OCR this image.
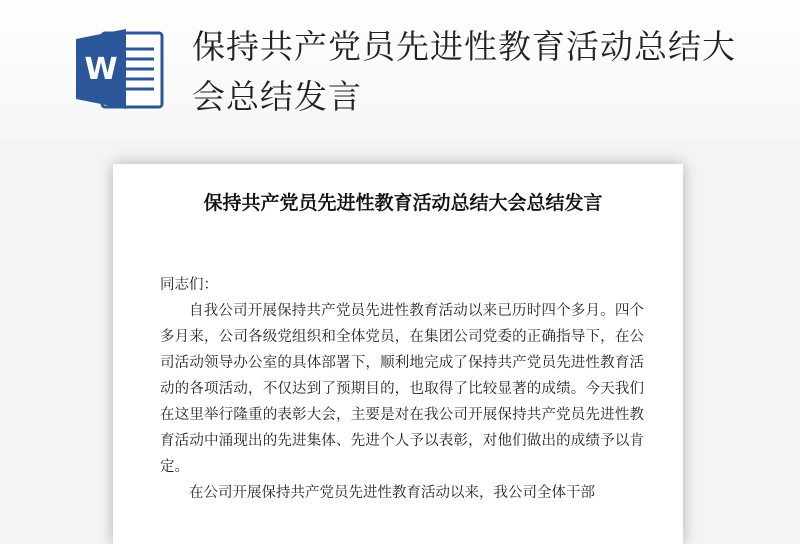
W
保持共产党员先进性教育活动总结大会总结发言
保持共产党员先进性教育活动总结大会总结发言

同志们：

自我公司开展保持共产党员先进性教育活动以来已历时四个多月。四个多月来，公司各级党组织和全体党员，在集团公司党委的正确指导下，在公司活动领导办公室的具体部署下，顺利地完成了保持共产党员先进性教育活动的各项活动，不仅达到了预期目的，也取得了比较显著的成绩。今天我们在这里举行隆重的表彰大会，主要是对在我公司开展保持共产党员先进性教育活动中涌现出的先进集体、先进个人予以表彰，对他们做出的成绩予以肯定。

在公司开展保持共产党员先进性教育活动以来，我公司全体干部
